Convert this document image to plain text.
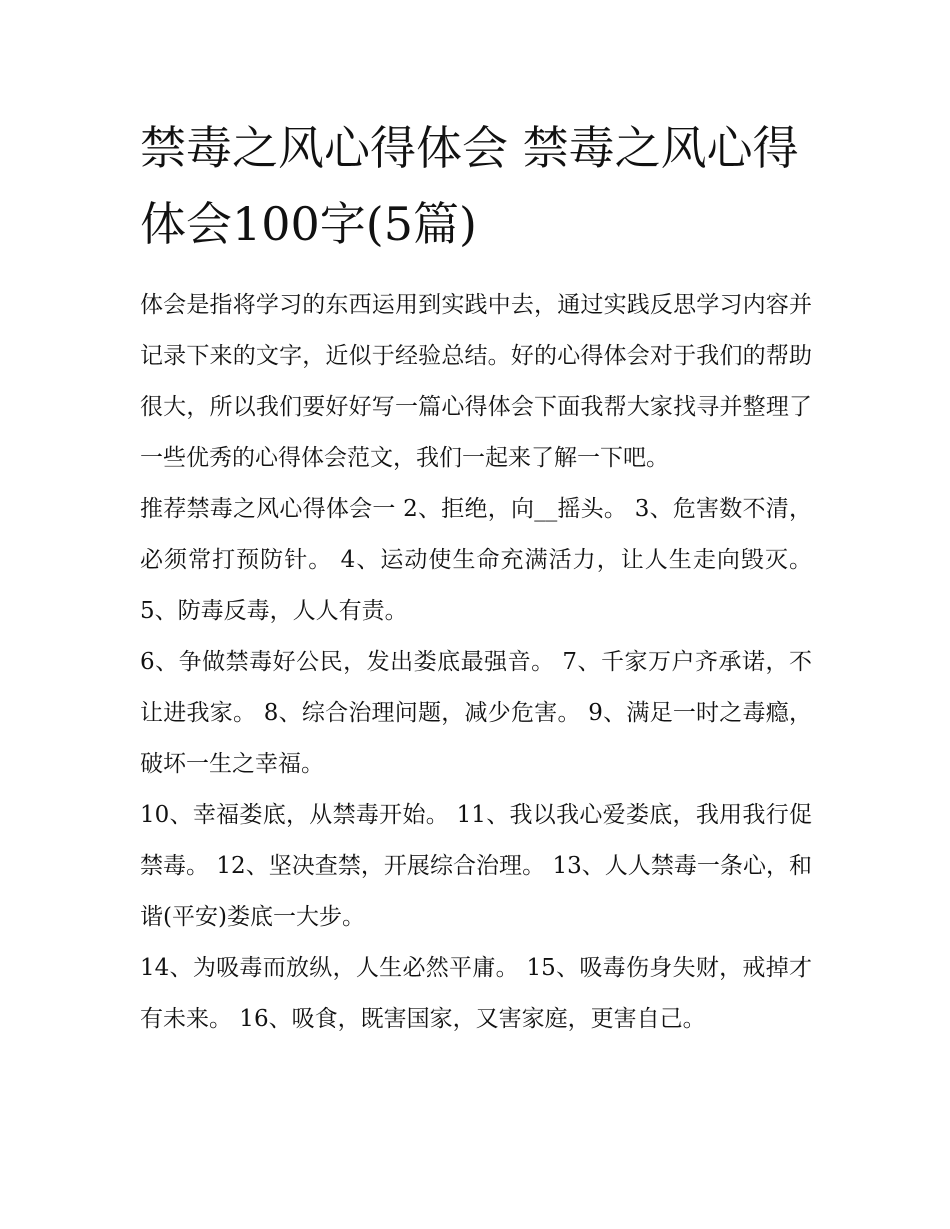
禁毒之风心得体会 禁毒之风心得体会100字(5篇)

体会是指将学习的东西运用到实践中去，通过实践反思学习内容并记录下来的文字，近似于经验总结。好的心得体会对于我们的帮助很大，所以我们要好好写一篇心得体会下面我帮大家找寻并整理了一些优秀的心得体会范文，我们一起来了解一下吧。

推荐禁毒之风心得体会一 2、拒绝，向__摇头。 3、危害数不清，必须常打预防针。 4、运动使生命充满活力，让人生走向毁灭。 5、防毒反毒，人人有责。

6、争做禁毒好公民，发出娄底最强音。 7、千家万户齐承诺，不让进我家。 8、综合治理问题，减少危害。 9、满足一时之毒瘾，破坏一生之幸福。

10、幸福娄底，从禁毒开始。 11、我以我心爱娄底，我用我行促禁毒。 12、坚决查禁，开展综合治理。 13、人人禁毒一条心，和谐(平安)娄底一大步。

14、为吸毒而放纵，人生必然平庸。 15、吸毒伤身失财，戒掉才有未来。 16、吸食，既害国家，又害家庭，更害自己。
